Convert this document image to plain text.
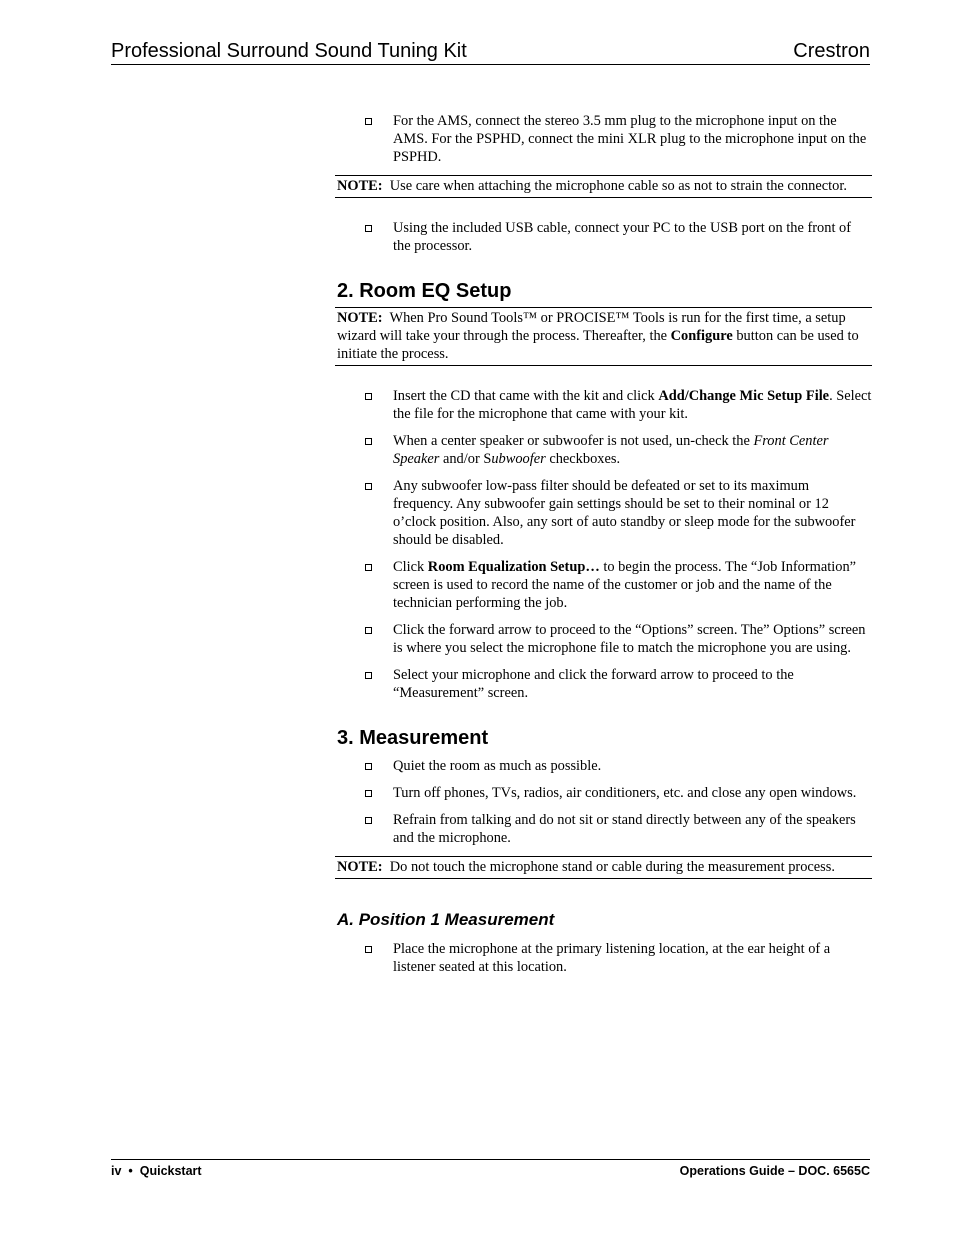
Professional Surround Sound Tuning Kit	Crestron
For the AMS, connect the stereo 3.5 mm plug to the microphone input on the AMS. For the PSPHD, connect the mini XLR plug to the microphone input on the PSPHD.
NOTE: Use care when attaching the microphone cable so as not to strain the connector.
Using the included USB cable, connect your PC to the USB port on the front of the processor.
2. Room EQ Setup
NOTE: When Pro Sound Tools™ or PROCISE™ Tools is run for the first time, a setup wizard will take your through the process. Thereafter, the Configure button can be used to initiate the process.
Insert the CD that came with the kit and click Add/Change Mic Setup File. Select the file for the microphone that came with your kit.
When a center speaker or subwoofer is not used, un-check the Front Center Speaker and/or Subwoofer checkboxes.
Any subwoofer low-pass filter should be defeated or set to its maximum frequency. Any subwoofer gain settings should be set to their nominal or 12 o’clock position. Also, any sort of auto standby or sleep mode for the subwoofer should be disabled.
Click Room Equalization Setup… to begin the process. The “Job Information” screen is used to record the name of the customer or job and the name of the technician performing the job.
Click the forward arrow to proceed to the “Options” screen. The” Options” screen is where you select the microphone file to match the microphone you are using.
Select your microphone and click the forward arrow to proceed to the “Measurement” screen.
3. Measurement
Quiet the room as much as possible.
Turn off phones, TVs, radios, air conditioners, etc. and close any open windows.
Refrain from talking and do not sit or stand directly between any of the speakers and the microphone.
NOTE: Do not touch the microphone stand or cable during the measurement process.
A. Position 1 Measurement
Place the microphone at the primary listening location, at the ear height of a listener seated at this location.
iv • Quickstart	Operations Guide – DOC. 6565C
